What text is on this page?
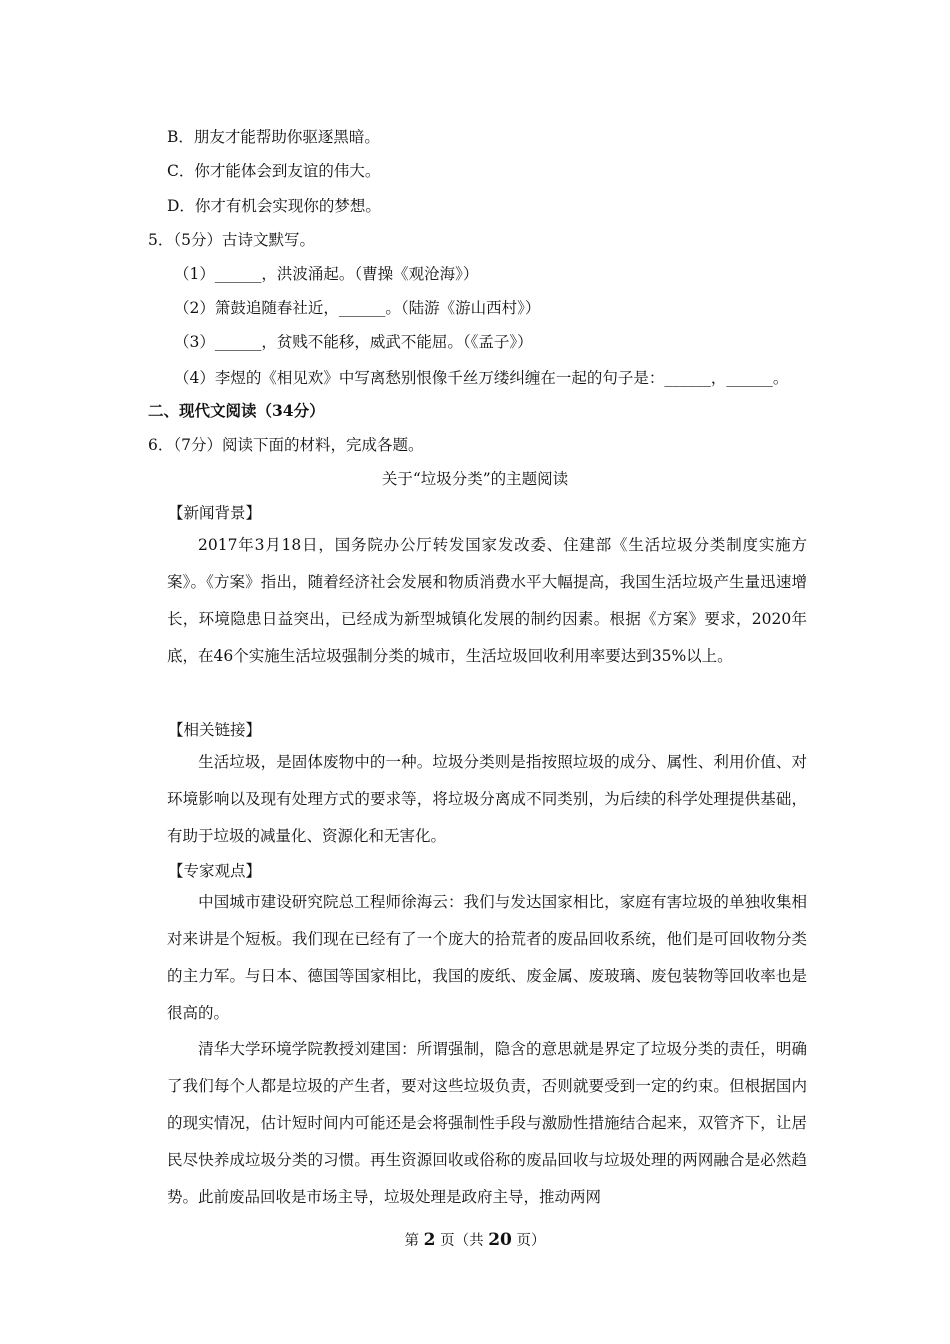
B．朋友才能帮助你驱逐黑暗。
C．你才能体会到友谊的伟大。
D．你才有机会实现你的梦想。
5．（5分）古诗文默写。
（1）______，洪波涌起。（曹操《观沧海》）
（2）箫鼓追随春社近，______。（陆游《游山西村》）
（3）______，贫贱不能移，威武不能屈。（《孟子》）
（4）李煜的《相见欢》中写离愁别恨像千丝万缕纠缠在一起的句子是：______，______。
二、现代文阅读（34分）
6．（7分）阅读下面的材料，完成各题。
关于“垃圾分类”的主题阅读
【新闻背景】
2017年3月18日，国务院办公厅转发国家发改委、住建部《生活垃圾分类制度实施方案》。《方案》指出，随着经济社会发展和物质消费水平大幅提高，我国生活垃圾产生量迅速增长，环境隐患日益突出，已经成为新型城镇化发展的制约因素。根据《方案》要求，2020年底，在46个实施生活垃圾强制分类的城市，生活垃圾回收利用率要达到35%以上。
【相关链接】
生活垃圾，是固体废物中的一种。垃圾分类则是指按照垃圾的成分、属性、利用价值、对环境影响以及现有处理方式的要求等，将垃圾分离成不同类别，为后续的科学处理提供基础，有助于垃圾的减量化、资源化和无害化。
【专家观点】
中国城市建设研究院总工程师徐海云：我们与发达国家相比，家庭有害垃圾的单独收集相对来讲是个短板。我们现在已经有了一个庞大的拾荒者的废品回收系统，他们是可回收物分类的主力军。与日本、德国等国家相比，我国的废纸、废金属、废玻璃、废包装物等回收率也是很高的。
清华大学环境学院教授刘建国：所谓强制，隐含的意思就是界定了垃圾分类的责任，明确了我们每个人都是垃圾的产生者，要对这些垃圾负责，否则就要受到一定的约束。但根据国内的现实情况，估计短时间内可能还是会将强制性手段与激励性措施结合起来，双管齐下，让居民尽快养成垃圾分类的习惯。再生资源回收或俗称的废品回收与垃圾处理的两网融合是必然趋势。此前废品回收是市场主导，垃圾处理是政府主导，推动两网
第 2 页（共 20 页）
